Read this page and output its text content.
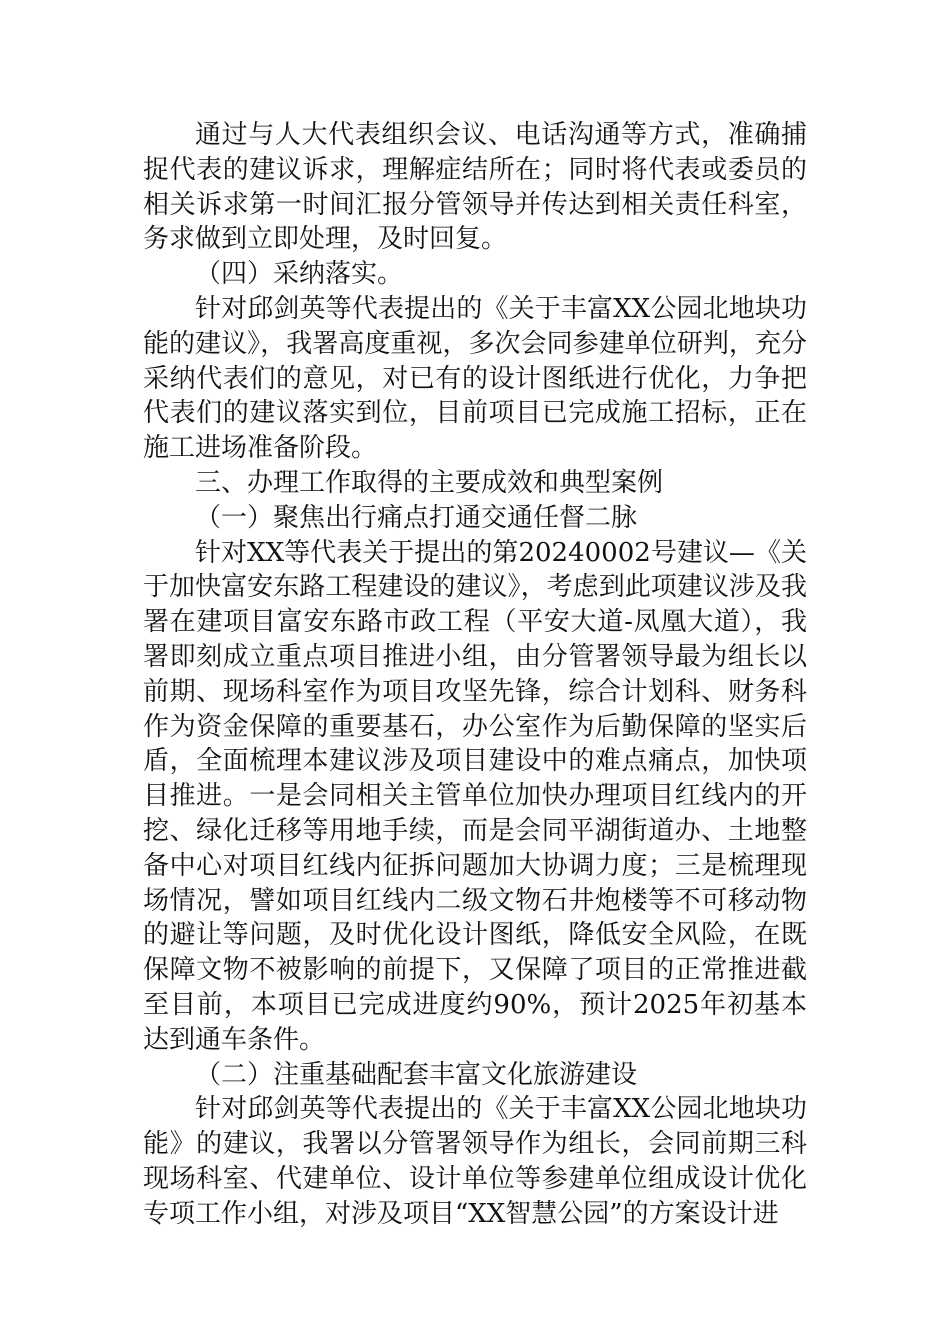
通过与人大代表组织会议、电话沟通等方式，准确捕捉代表的建议诉求，理解症结所在；同时将代表或委员的相关诉求第一时间汇报分管领导并传达到相关责任科室，务求做到立即处理，及时回复。

（四）采纳落实。

针对邱剑英等代表提出的《关于丰富XX公园北地块功能的建议》，我署高度重视，多次会同参建单位研判，充分采纳代表们的意见，对已有的设计图纸进行优化，力争把代表们的建议落实到位，目前项目已完成施工招标，正在施工进场准备阶段。

三、办理工作取得的主要成效和典型案例

（一）聚焦出行痛点打通交通任督二脉

针对XX等代表关于提出的第20240002号建议—《关于加快富安东路工程建设的建议》，考虑到此项建议涉及我署在建项目富安东路市政工程（平安大道-凤凰大道），我署即刻成立重点项目推进小组，由分管署领导最为组长以前期、现场科室作为项目攻坚先锋，综合计划科、财务科作为资金保障的重要基石，办公室作为后勤保障的坚实后盾，全面梳理本建议涉及项目建设中的难点痛点，加快项目推进。一是会同相关主管单位加快办理项目红线内的开挖、绿化迁移等用地手续，而是会同平湖街道办、土地整备中心对项目红线内征拆问题加大协调力度；三是梳理现场情况，譬如项目红线内二级文物石井炮楼等不可移动物的避让等问题，及时优化设计图纸，降低安全风险，在既保障文物不被影响的前提下，又保障了项目的正常推进截至目前，本项目已完成进度约90%，预计2025年初基本达到通车条件。

（二）注重基础配套丰富文化旅游建设

针对邱剑英等代表提出的《关于丰富XX公园北地块功能》的建议，我署以分管署领导作为组长，会同前期三科现场科室、代建单位、设计单位等参建单位组成设计优化专项工作小组，对涉及项目“XX智慧公园”的方案设计进
